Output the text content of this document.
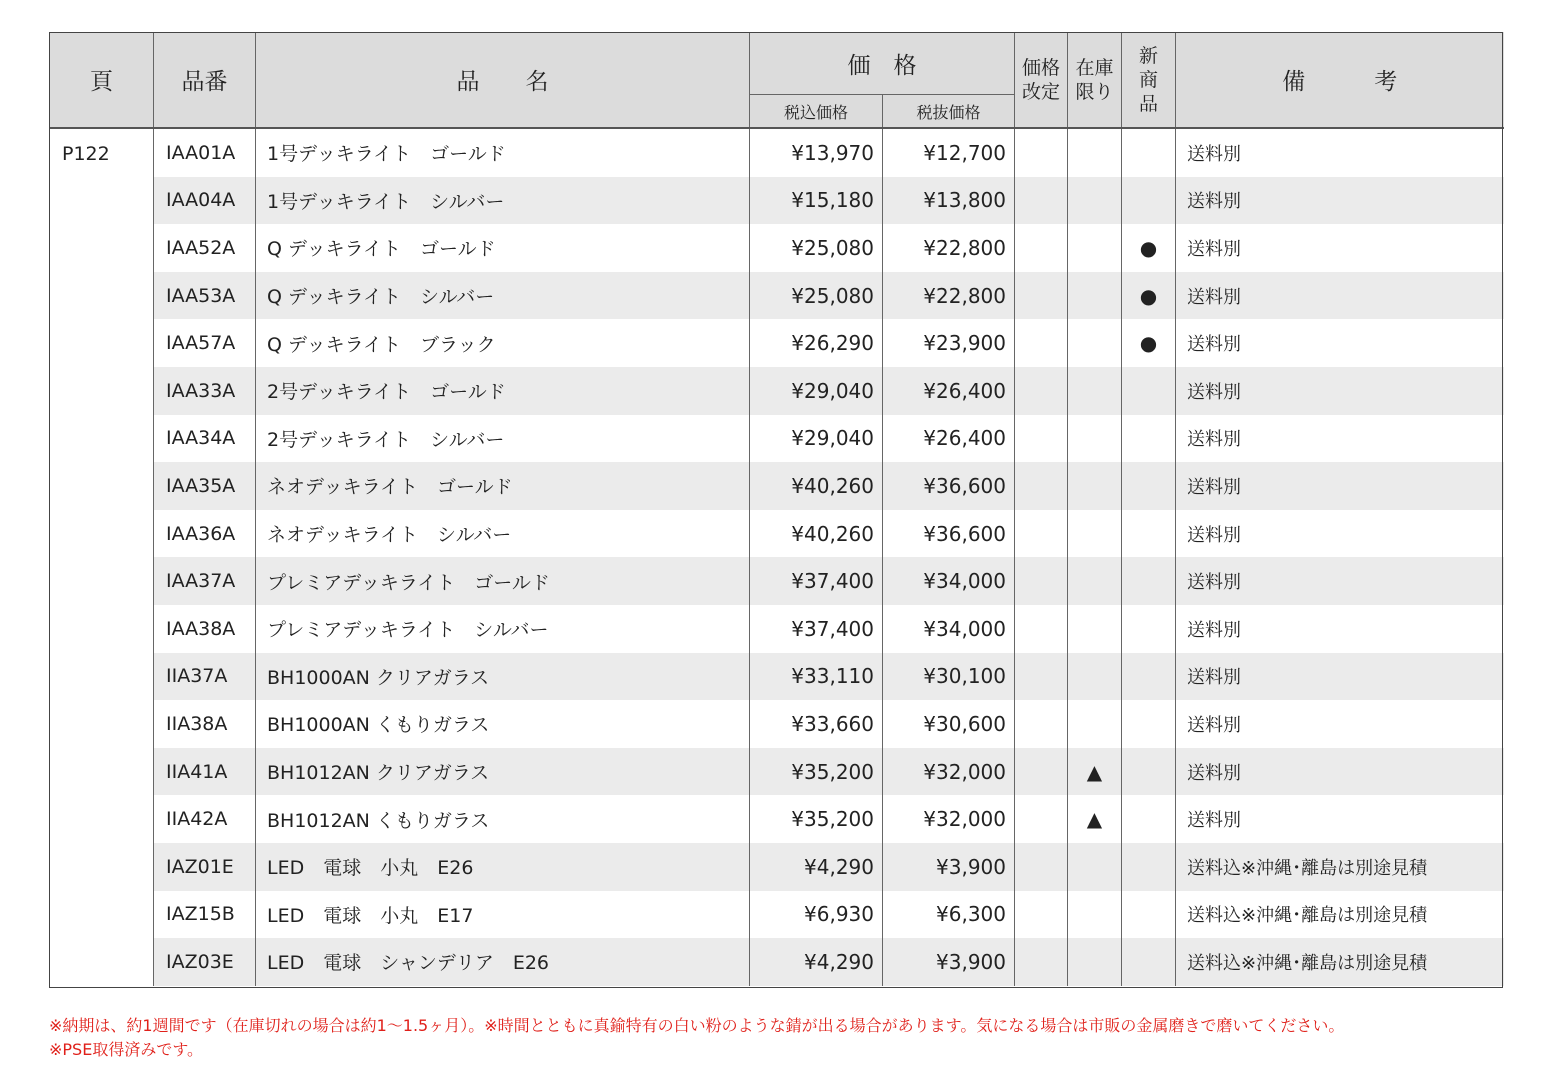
頁	品番	品　　名	価　格		価格改定	在庫限り	新商品	備　　　考
			税込価格	税抜価格				
P122	IAA01A	1号デッキライト　ゴールド	¥13,970	¥12,700				送料別
	IAA04A	1号デッキライト　シルバー	¥15,180	¥13,800				送料別
	IAA52A	Q デッキライト　ゴールド	¥25,080	¥22,800			●	送料別
	IAA53A	Q デッキライト　シルバー	¥25,080	¥22,800			●	送料別
	IAA57A	Q デッキライト　ブラック	¥26,290	¥23,900			●	送料別
	IAA33A	2号デッキライト　ゴールド	¥29,040	¥26,400				送料別
	IAA34A	2号デッキライト　シルバー	¥29,040	¥26,400				送料別
	IAA35A	ネオデッキライト　ゴールド	¥40,260	¥36,600				送料別
	IAA36A	ネオデッキライト　シルバー	¥40,260	¥36,600				送料別
	IAA37A	プレミアデッキライト　ゴールド	¥37,400	¥34,000				送料別
	IAA38A	プレミアデッキライト　シルバー	¥37,400	¥34,000				送料別
	IIA37A	BH1000AN クリアガラス	¥33,110	¥30,100				送料別
	IIA38A	BH1000AN くもりガラス	¥33,660	¥30,600				送料別
	IIA41A	BH1012AN クリアガラス	¥35,200	¥32,000		▲		送料別
	IIA42A	BH1012AN くもりガラス	¥35,200	¥32,000		▲		送料別
	IAZ01E	LED　電球　小丸　E26	¥4,290	¥3,900				送料込※沖縄･離島は別途見積
	IAZ15B	LED　電球　小丸　E17	¥6,930	¥6,300				送料込※沖縄･離島は別途見積
	IAZ03E	LED　電球　シャンデリア　E26	¥4,290	¥3,900				送料込※沖縄･離島は別途見積
※納期は、約1週間です（在庫切れの場合は約1〜1.5ヶ月）。※時間とともに真鍮特有の白い粉のような錆が出る場合があります。気になる場合は市販の金属磨きで磨いてください。
※PSE取得済みです。
